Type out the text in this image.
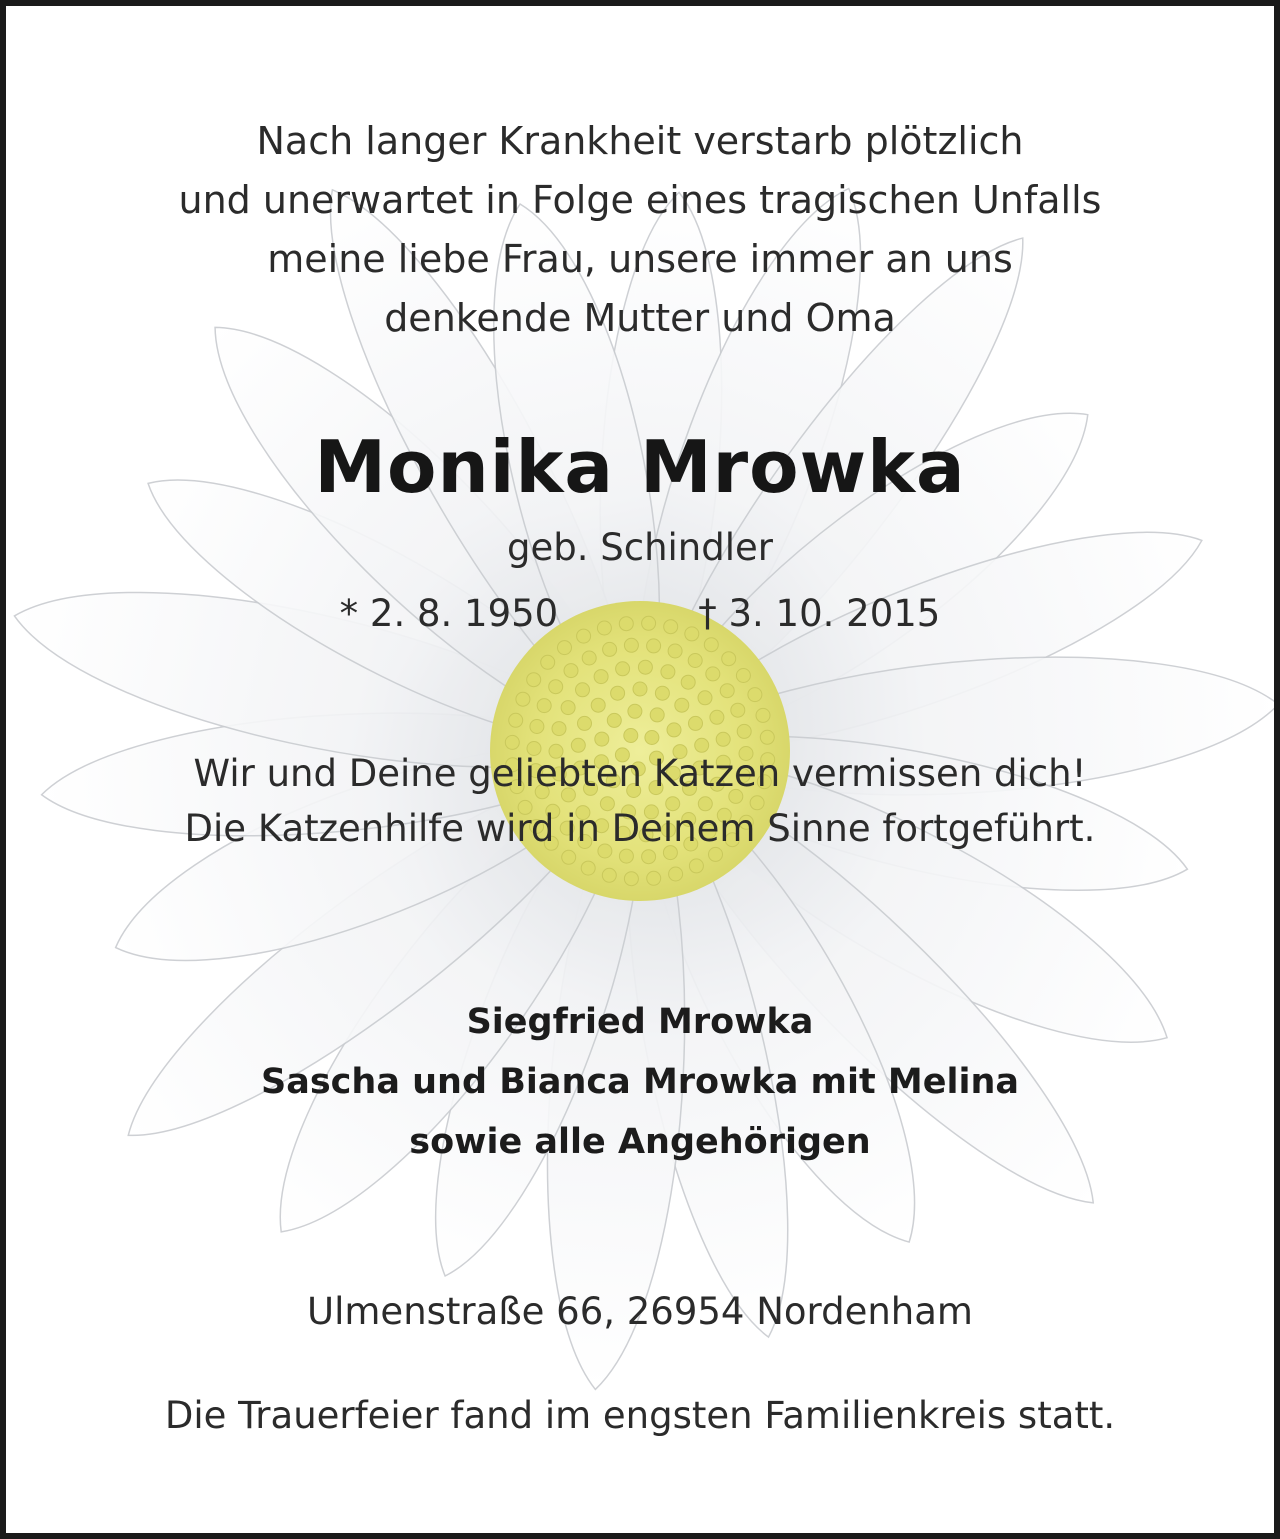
Nach langer Krankheit verstarb plötzlich
und unerwartet in Folge eines tragischen Unfalls
meine liebe Frau, unsere immer an uns
denkende Mutter und Oma
Monika Mrowka
geb. Schindler
* 2. 8. 1950	† 3. 10. 2015
Wir und Deine geliebten Katzen vermissen dich!
Die Katzenhilfe wird in Deinem Sinne fortgeführt.
Siegfried Mrowka
Sascha und Bianca Mrowka mit Melina
sowie alle Angehörigen
Ulmenstraße 66, 26954 Nordenham
Die Trauerfeier fand im engsten Familienkreis statt.
